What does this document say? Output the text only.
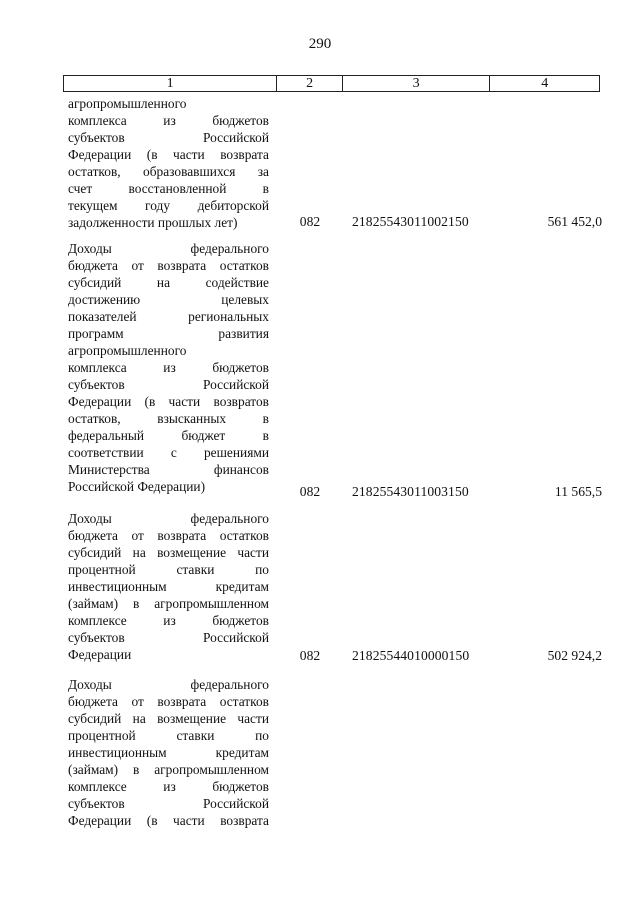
290
1	2	3	4
агропромышленного
комплекса из бюджетов
субъектов Российской
Федерации (в части возврата
остатков, образовавшихся за
счет восстановленной в
текущем году дебиторской
задолженности прошлых лет)	082	21825543011002150	561 452,0
Доходы федерального
бюджета от возврата остатков
субсидий на содействие
достижению целевых
показателей региональных
программ развития
агропромышленного
комплекса из бюджетов
субъектов Российской
Федерации (в части возвратов
остатков, взысканных в
федеральный бюджет в
соответствии с решениями
Министерства финансов
Российской Федерации)	082	21825543011003150	11 565,5
Доходы федерального
бюджета от возврата остатков
субсидий на возмещение части
процентной ставки по
инвестиционным кредитам
(займам) в агропромышленном
комплексе из бюджетов
субъектов Российской
Федерации	082	21825544010000150	502 924,2
Доходы федерального
бюджета от возврата остатков
субсидий на возмещение части
процентной ставки по
инвестиционным кредитам
(займам) в агропромышленном
комплексе из бюджетов
субъектов Российской
Федерации (в части возврата
